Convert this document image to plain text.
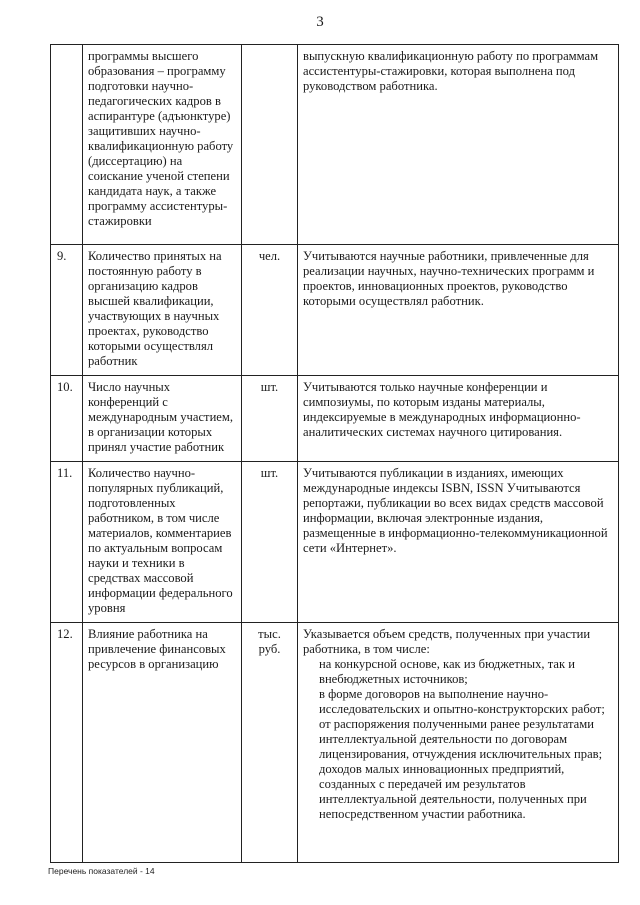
3
	программы высшего образования – программу подготовки научно-педагогических кадров в аспирантуре (адъюнктуре) защитивших научно-квалификационную работу (диссертацию) на соискание ученой степени кандидата наук, а также программу ассистентуры-стажировки		выпускную квалификационную работу по программам ассистентуры-стажировки, которая выполнена под руководством работника.

9.	Количество принятых на постоянную работу в организацию кадров высшей квалификации, участвующих в научных проектах, руководство которыми осуществлял работник	чел.	Учитываются научные работники, привлеченные для реализации научных, научно-технических программ и проектов, инновационных проектов, руководство которыми осуществлял работник.

10.	Число научных конференций с международным участием, в организации которых принял участие работник	шт.	Учитываются только научные конференции и симпозиумы, по которым изданы материалы, индексируемые в международных информационно-аналитических системах научного цитирования.

11.	Количество научно-популярных публикаций, подготовленных работником, в том числе материалов, комментариев по актуальным вопросам науки и техники в средствах массовой информации федерального уровня	шт.	Учитываются публикации в изданиях, имеющих международные индексы ISBN, ISSN Учитываются репортажи, публикации во всех видах средств массовой информации, включая электронные издания, размещенные в информационно-телекоммуникационной сети «Интернет».

12.	Влияние работника на привлечение финансовых ресурсов в организацию	тыс. руб.	Указывается объем средств, полученных при участии работника, в том числе:
на конкурсной основе, как из бюджетных, так и внебюджетных источников;
в форме договоров на выполнение научно-исследовательских и опытно-конструкторских работ;
от распоряжения полученными ранее результатами интеллектуальной деятельности по договорам лицензирования, отчуждения исключительных прав;
доходов малых инновационных предприятий, созданных с передачей им результатов интеллектуальной деятельности, полученных при непосредственном участии работника.
Перечень показателей - 14
